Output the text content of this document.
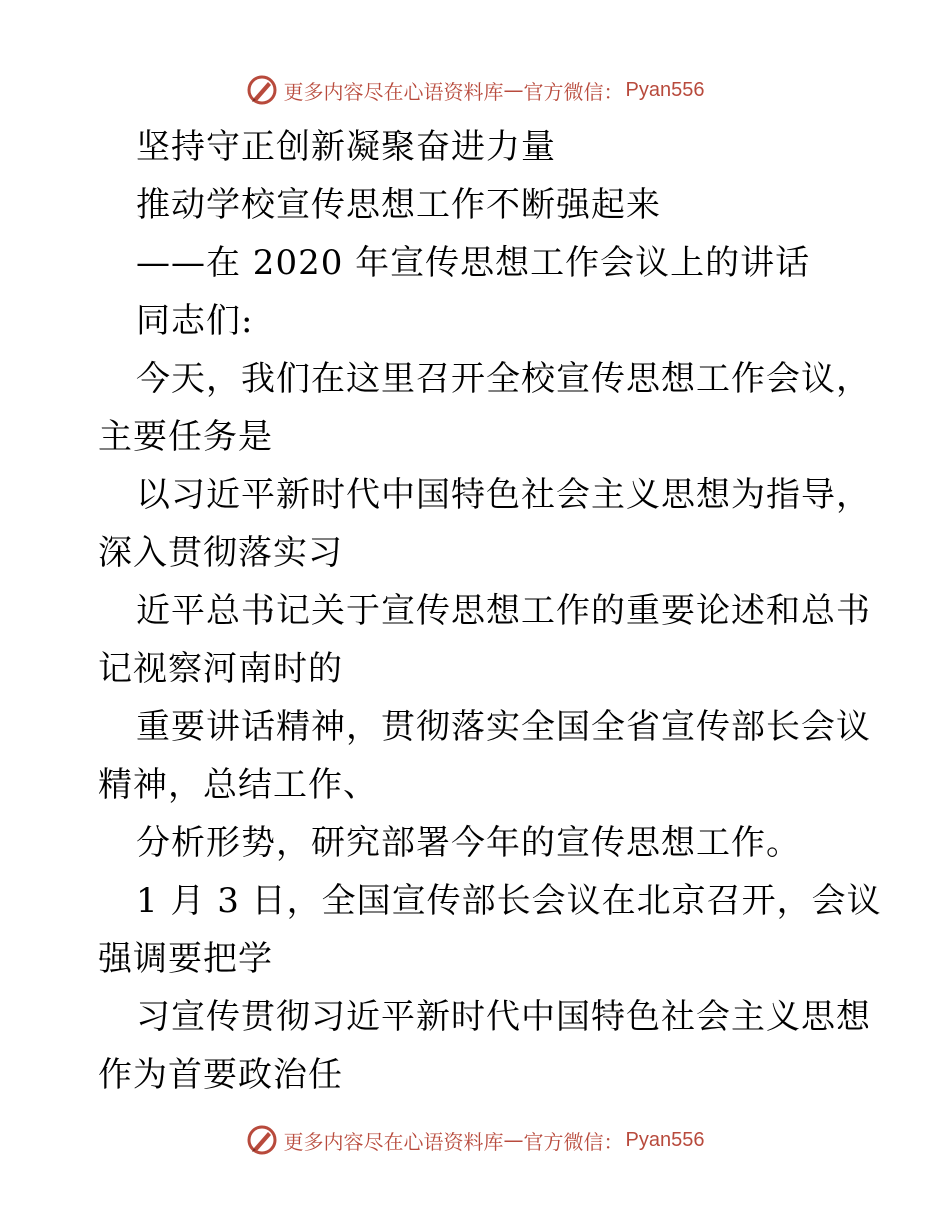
更多内容尽在心语资料库 — 官方微信： Pyan556
坚持守正创新凝聚奋进力量
推动学校宣传思想工作不断强起来
——在 2020 年宣传思想工作会议上的讲话
同志们:
今天，我们在这里召开全校宣传思想工作会议，
主要任务是
以习近平新时代中国特色社会主义思想为指导，
深入贯彻落实习
近平总书记关于宣传思想工作的重要论述和总书
记视察河南时的
重要讲话精神，贯彻落实全国全省宣传部长会议
精神，总结工作、
分析形势，研究部署今年的宣传思想工作。
1 月 3 日，全国宣传部长会议在北京召开，会议
强调要把学
习宣传贯彻习近平新时代中国特色社会主义思想
作为首要政治任
更多内容尽在心语资料库 — 官方微信： Pyan556
